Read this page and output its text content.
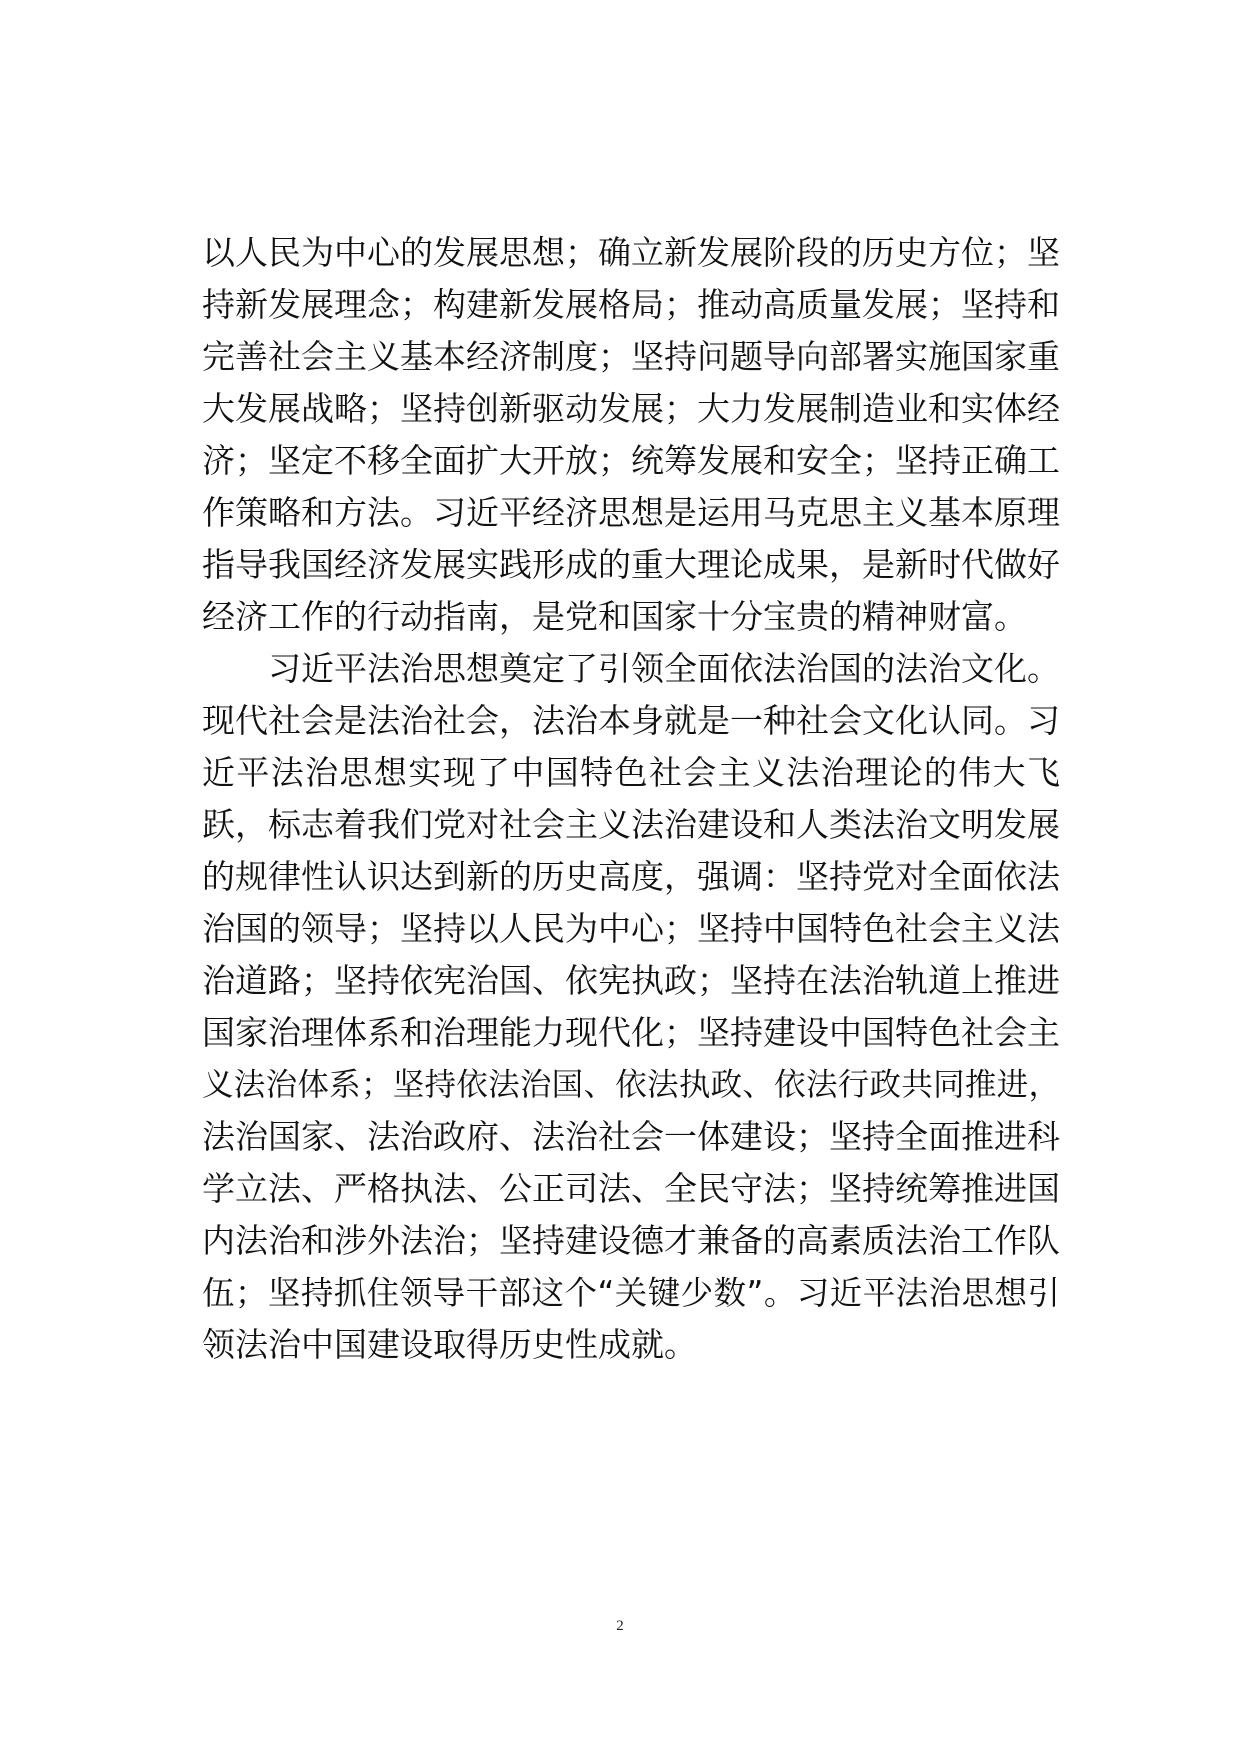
以人民为中心的发展思想；确立新发展阶段的历史方位；坚
持新发展理念；构建新发展格局；推动高质量发展；坚持和
完善社会主义基本经济制度；坚持问题导向部署实施国家重
大发展战略；坚持创新驱动发展；大力发展制造业和实体经
济；坚定不移全面扩大开放；统筹发展和安全；坚持正确工
作策略和方法。习近平经济思想是运用马克思主义基本原理
指导我国经济发展实践形成的重大理论成果，是新时代做好
经济工作的行动指南，是党和国家十分宝贵的精神财富。
习近平法治思想奠定了引领全面依法治国的法治文化。
现代社会是法治社会，法治本身就是一种社会文化认同。习
近平法治思想实现了中国特色社会主义法治理论的伟大飞
跃，标志着我们党对社会主义法治建设和人类法治文明发展
的规律性认识达到新的历史高度，强调：坚持党对全面依法
治国的领导；坚持以人民为中心；坚持中国特色社会主义法
治道路；坚持依宪治国、依宪执政；坚持在法治轨道上推进
国家治理体系和治理能力现代化；坚持建设中国特色社会主
义法治体系；坚持依法治国、依法执政、依法行政共同推进，
法治国家、法治政府、法治社会一体建设；坚持全面推进科
学立法、严格执法、公正司法、全民守法；坚持统筹推进国
内法治和涉外法治；坚持建设德才兼备的高素质法治工作队
伍；坚持抓住领导干部这个“关键少数”。习近平法治思想引
领法治中国建设取得历史性成就。
2
